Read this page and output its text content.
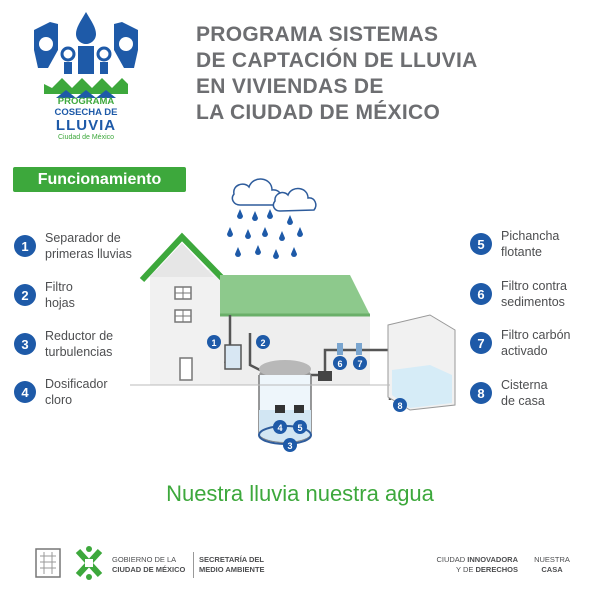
PROGRAMA
COSECHA DE
LLUVIA
Ciudad de México
PROGRAMA SISTEMAS
DE CAPTACIÓN DE LLUVIA
EN VIVIENDAS DE
LA CIUDAD DE MÉXICO
Funcionamiento
1
Separador de
primeras lluvias
2
Filtro
hojas
3
Reductor de
turbulencias
4
Dosificador
cloro
5
Pichancha
flotante
6
Filtro contra
sedimentos
7
Filtro carbón
activado
8
Cisterna
de casa
1	2
3
4 5
6 7
8
Nuestra lluvia nuestra agua
GOBIERNO DE LA
CIUDAD DE MÉXICO
SECRETARÍA DEL
MEDIO AMBIENTE
CIUDAD INNOVADORA
Y DE DERECHOS
NUESTRA
CASA
